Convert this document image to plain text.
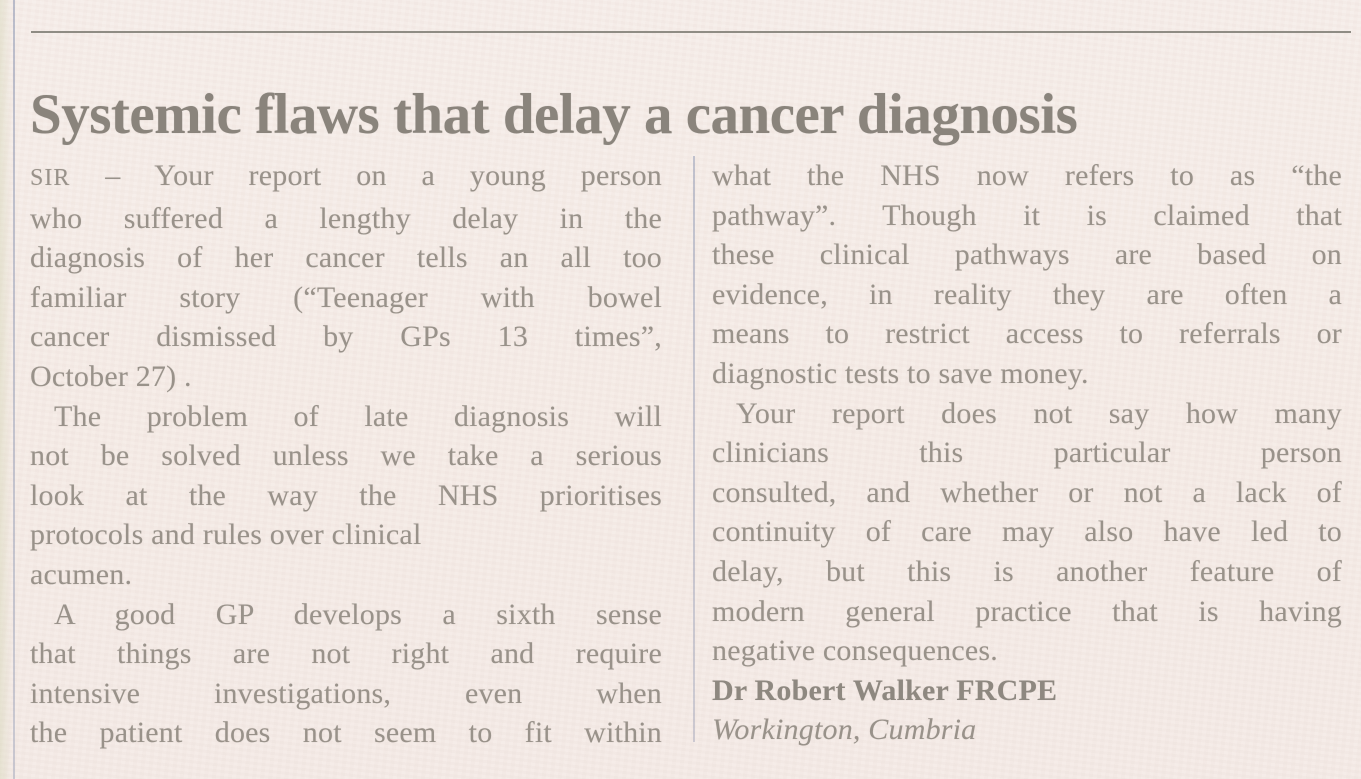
Systemic flaws that delay a cancer diagnosis
SIR – Your report on a young person
who suffered a lengthy delay in the
diagnosis of her cancer tells an all too
familiar story (“Teenager with bowel
cancer dismissed by GPs 13 times”,
October 27) .
The problem of late diagnosis will
not be solved unless we take a serious
look at the way the NHS prioritises
protocols and rules over clinical
acumen.
A good GP develops a sixth sense
that things are not right and require
intensive investigations, even when
the patient does not seem to fit within
what the NHS now refers to as “the
pathway”. Though it is claimed that
these clinical pathways are based on
evidence, in reality they are often a
means to restrict access to referrals or
diagnostic tests to save money.
Your report does not say how many
clinicians this particular person
consulted, and whether or not a lack of
continuity of care may also have led to
delay, but this is another feature of
modern general practice that is having
negative consequences.
Dr Robert Walker FRCPE
Workington, Cumbria
